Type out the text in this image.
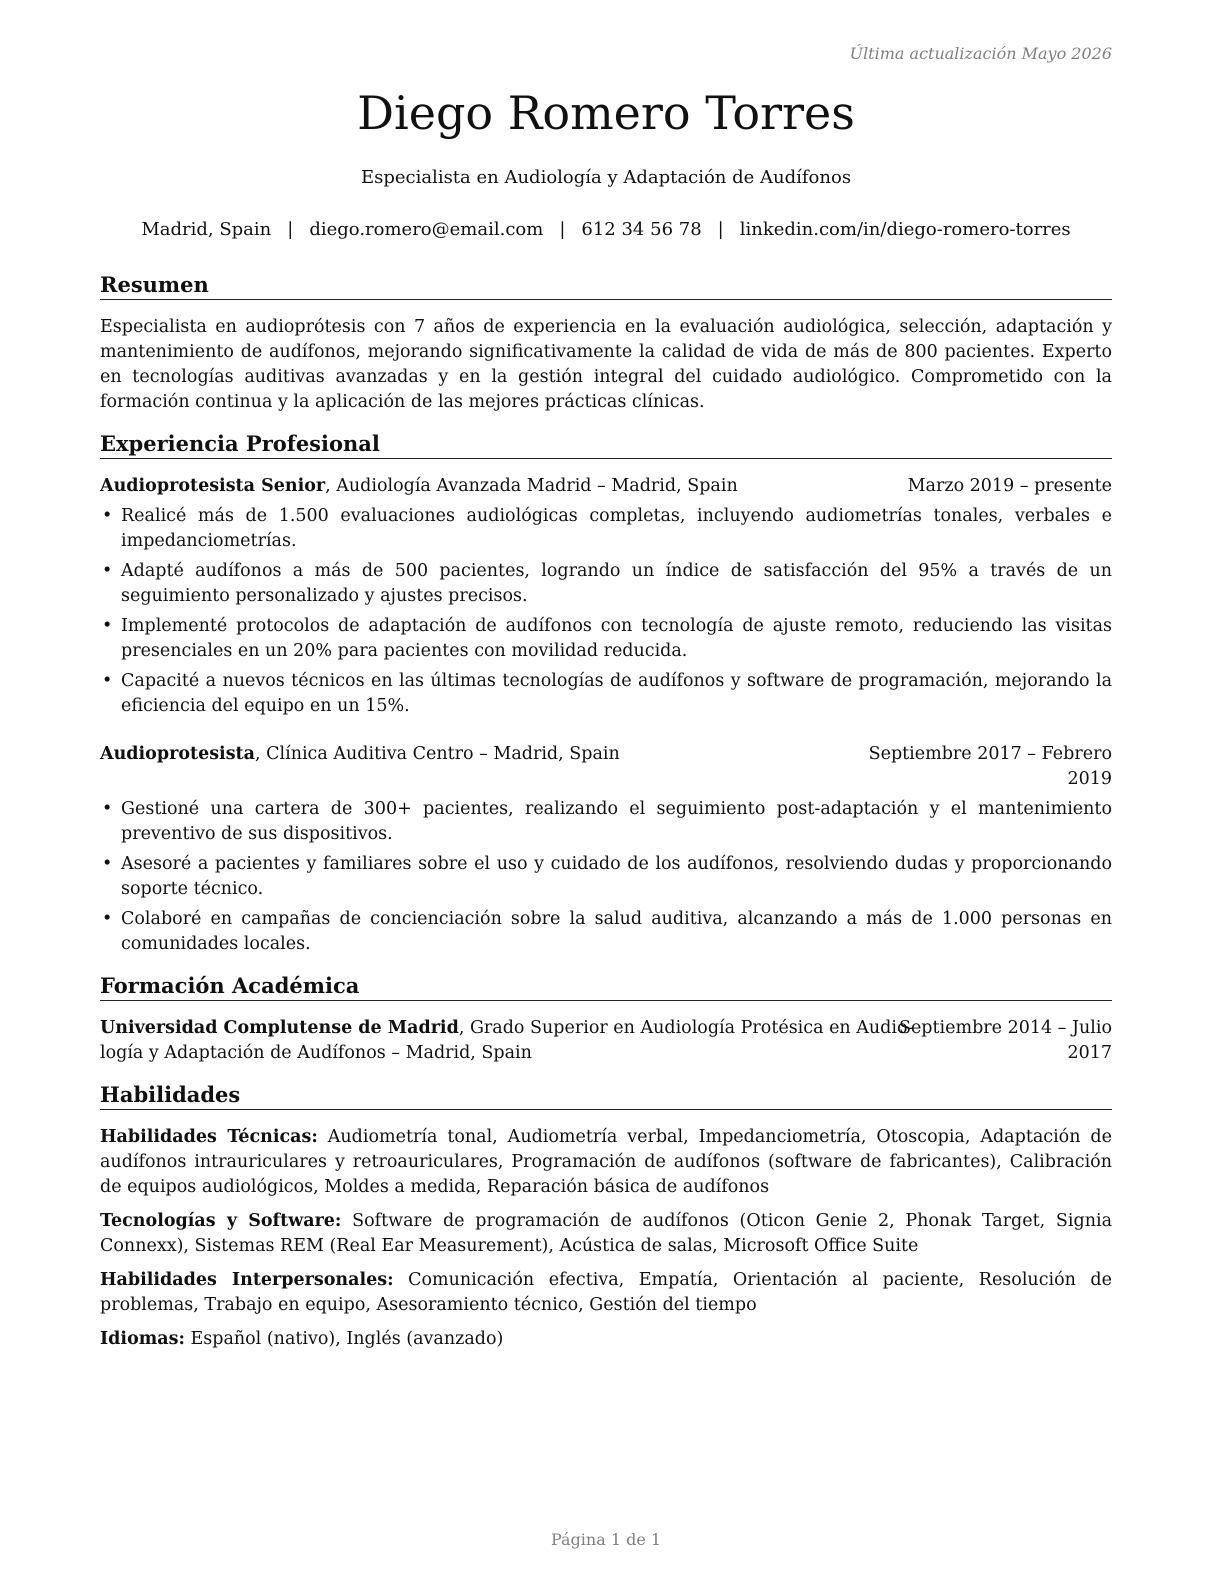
Última actualización Mayo 2026
Diego Romero Torres
Especialista en Audiología y Adaptación de Audífonos
Madrid, Spain | diego.romero@email.com | 612 34 56 78 | linkedin.com/in/diego-romero-torres
Resumen
Especialista en audioprótesis con 7 años de experiencia en la evaluación audiológica, selección, adaptación y mantenimiento de audífonos, mejorando significativamente la calidad de vida de más de 800 pacientes. Experto en tecnologías auditivas avanzadas y en la gestión integral del cuidado audiológico. Comprometido con la formación continua y la aplicación de las mejores prácticas clínicas.
Experiencia Profesional
Audioprotesista Senior, Audiología Avanzada Madrid – Madrid, Spain	Marzo 2019 – presente
• Realicé más de 1.500 evaluaciones audiológicas completas, incluyendo audiometrías tonales, verbales e impedanciometrías.
• Adapté audífonos a más de 500 pacientes, logrando un índice de satisfacción del 95% a través de un seguimiento personalizado y ajustes precisos.
• Implementé protocolos de adaptación de audífonos con tecnología de ajuste remoto, reduciendo las visitas presenciales en un 20% para pacientes con movilidad reducida.
• Capacité a nuevos técnicos en las últimas tecnologías de audífonos y software de programación, mejorando la eficiencia del equipo en un 15%.
Audioprotesista, Clínica Auditiva Centro – Madrid, Spain	Septiembre 2017 – Febrero
2019
• Gestioné una cartera de 300+ pacientes, realizando el seguimiento post-adaptación y el mantenimiento preventivo de sus dispositivos.
• Asesoré a pacientes y familiares sobre el uso y cuidado de los audífonos, resolviendo dudas y proporcionando soporte técnico.
• Colaboré en campañas de concienciación sobre la salud auditiva, alcanzando a más de 1.000 personas en comunidades locales.
Formación Académica
Universidad Complutense de Madrid, Grado Superior en Audiología Protésica en Audio-
logía y Adaptación de Audífonos – Madrid, Spain
Septiembre 2014 – Julio
2017
Habilidades
Habilidades Técnicas: Audiometría tonal, Audiometría verbal, Impedanciometría, Otoscopia, Adaptación de audífonos intrauriculares y retroauriculares, Programación de audífonos (software de fabricantes), Calibración de equipos audiológicos, Moldes a medida, Reparación básica de audífonos
Tecnologías y Software: Software de programación de audífonos (Oticon Genie 2, Phonak Target, Signia Connexx), Sistemas REM (Real Ear Measurement), Acústica de salas, Microsoft Office Suite
Habilidades Interpersonales: Comunicación efectiva, Empatía, Orientación al paciente, Resolución de problemas, Trabajo en equipo, Asesoramiento técnico, Gestión del tiempo
Idiomas: Español (nativo), Inglés (avanzado)
Página 1 de 1
